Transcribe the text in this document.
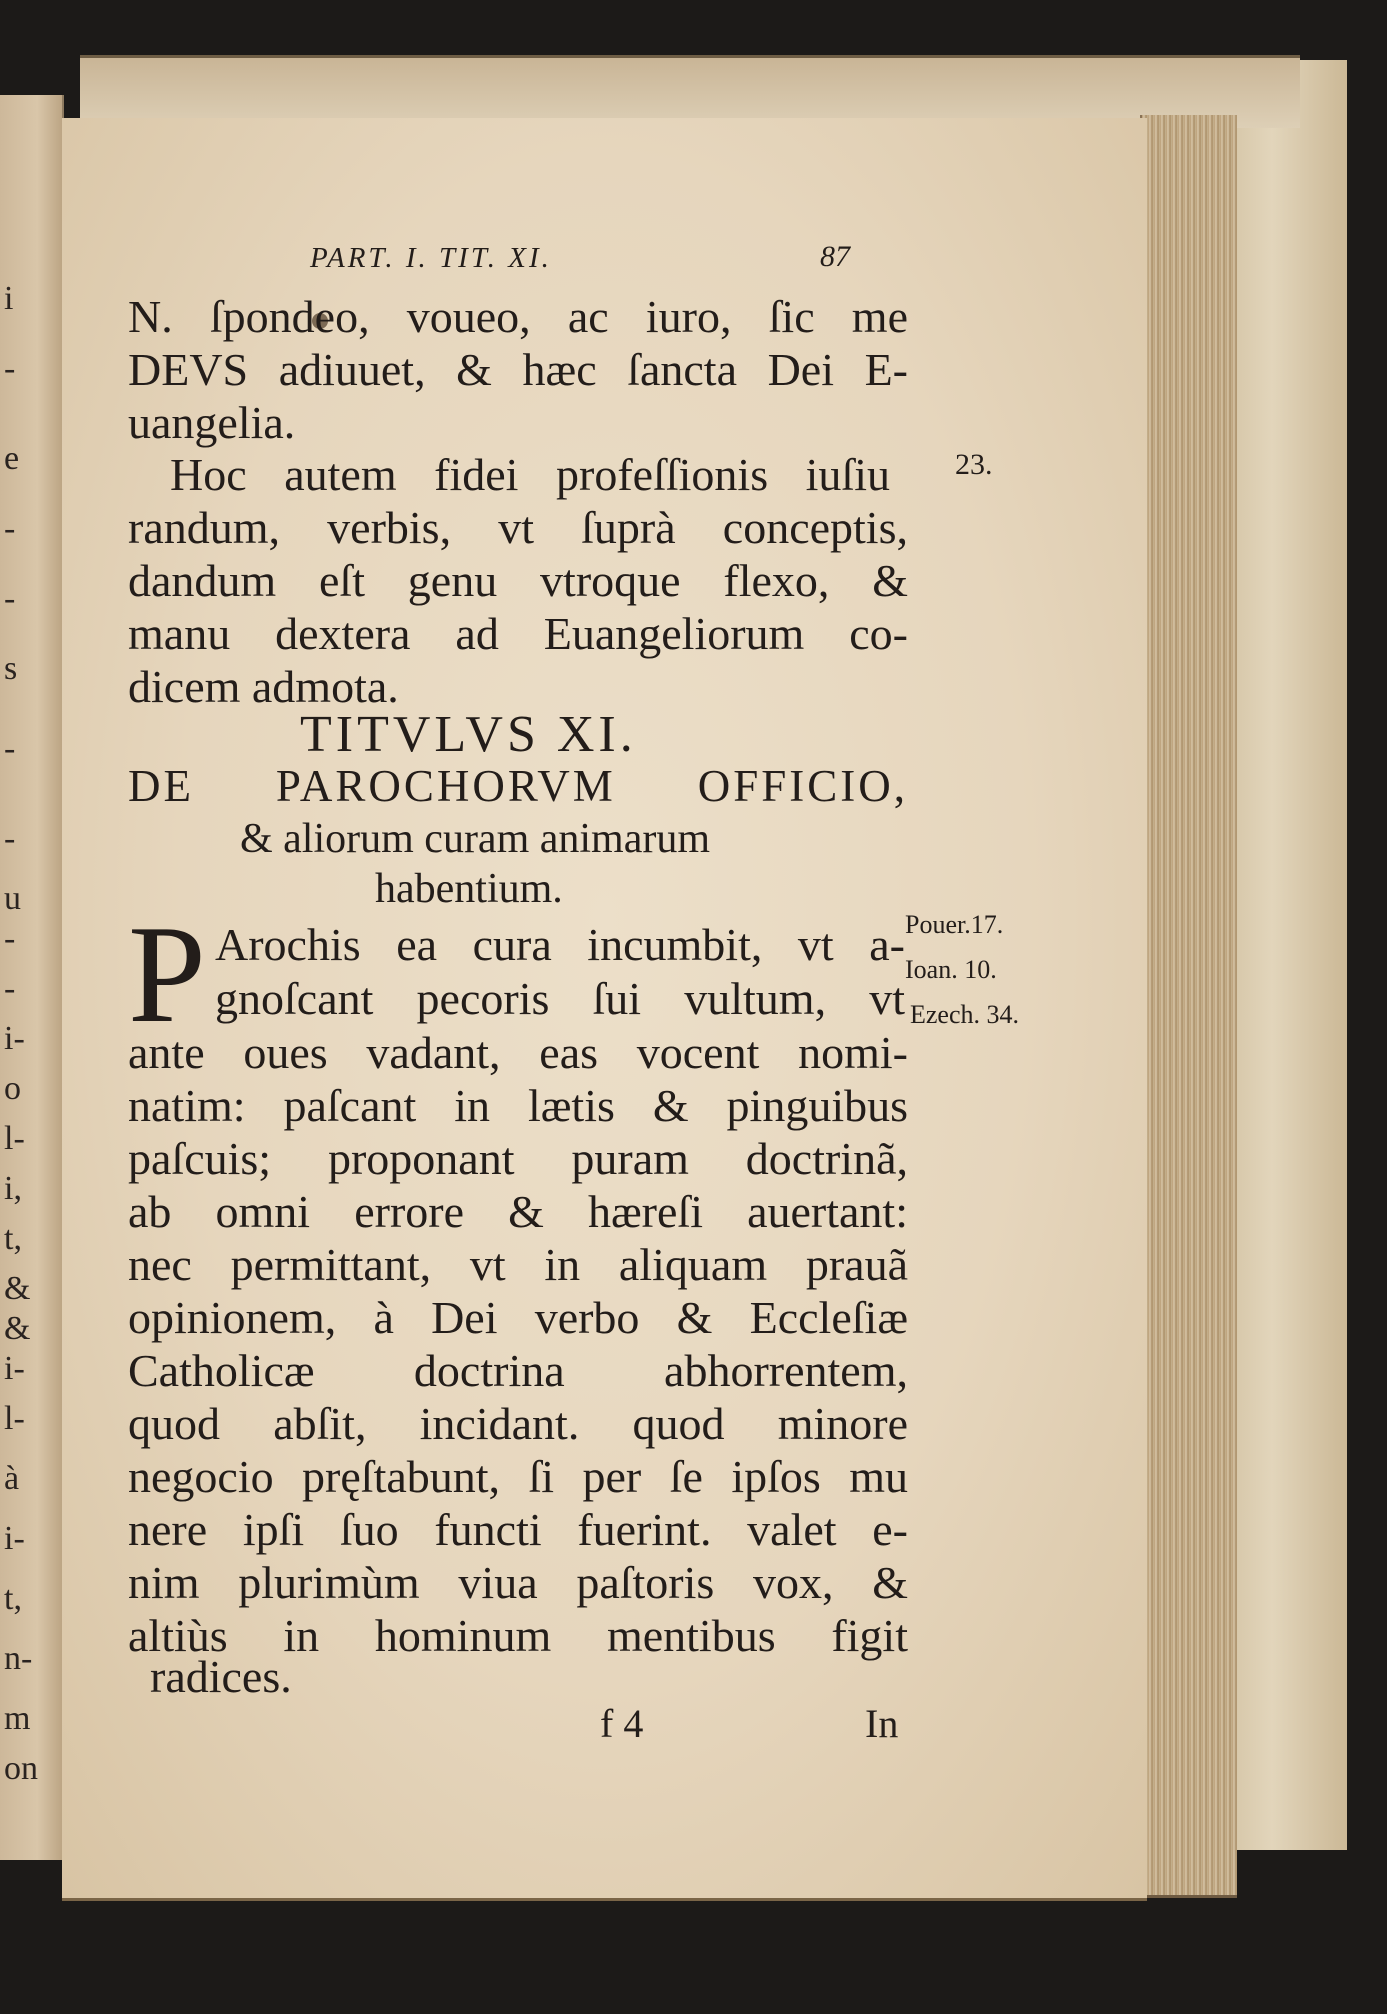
i
-
e
-
-
s
-
-
u
-
-
i-
o
l-
i,
t,
&
&
i-
l-
à
i-
t,
n-
m
on
PART. I. TIT. XI.	87
N. ſpondeo, voueo, ac iuro, ſic me
DEVS adiuuet, & hæc ſancta Dei E-
uangelia.
Hoc autem fidei profeſſionis iuſiu
randum, verbis, vt ſuprà conceptis,
dandum eſt genu vtroque flexo, &
manu dextera ad Euangeliorum co-
dicem admota.
23.
TITVLVS XI.
DE PAROCHORVM OFFICIO,
& aliorum curam animarum
habentium.
P Arochis ea cura incumbit, vt a-
gnoſcant pecoris ſui vultum, vt
Pouer.17.
Ioan. 10.
Ezech. 34.
ante oues vadant, eas vocent nomi-
natim: paſcant in lætis & pinguibus
paſcuis; proponant puram doctrinã,
ab omni errore & hæreſi auertant:
nec permittant, vt in aliquam prauã
opinionem, à Dei verbo & Eccleſiæ
Catholicæ doctrina abhorrentem,
quod abſit, incidant. quod minore
negocio pręſtabunt, ſi per ſe ipſos mu
nere ipſi ſuo functi fuerint. valet e-
nim plurimùm viua paſtoris vox, &
altiùs in hominum mentibus figit
radices.
f 4	In
